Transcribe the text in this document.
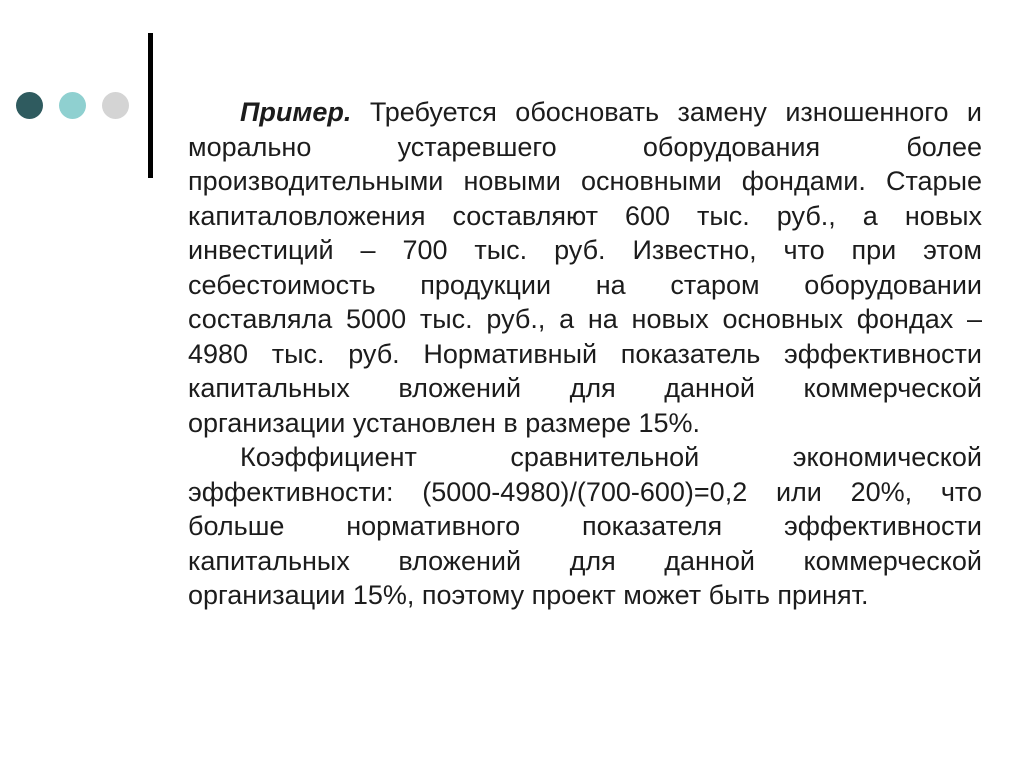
Пример. Требуется обосновать замену изношенного и морально устаревшего оборудования более производительными новыми основными фондами. Старые капиталовложения составляют 600 тыс. руб., а новых инвестиций – 700 тыс. руб. Известно, что при этом себестоимость продукции на старом оборудовании составляла 5000 тыс. руб., а на новых основных фондах – 4980 тыс. руб. Нормативный показатель эффективности капитальных вложений для данной коммерческой организации установлен в размере 15%.

Коэффициент сравнительной экономической эффективности: (5000-4980)/(700-600)=0,2 или 20%, что больше нормативного показателя эффективности капитальных вложений для данной коммерческой организации 15%, поэтому проект может быть принят.
